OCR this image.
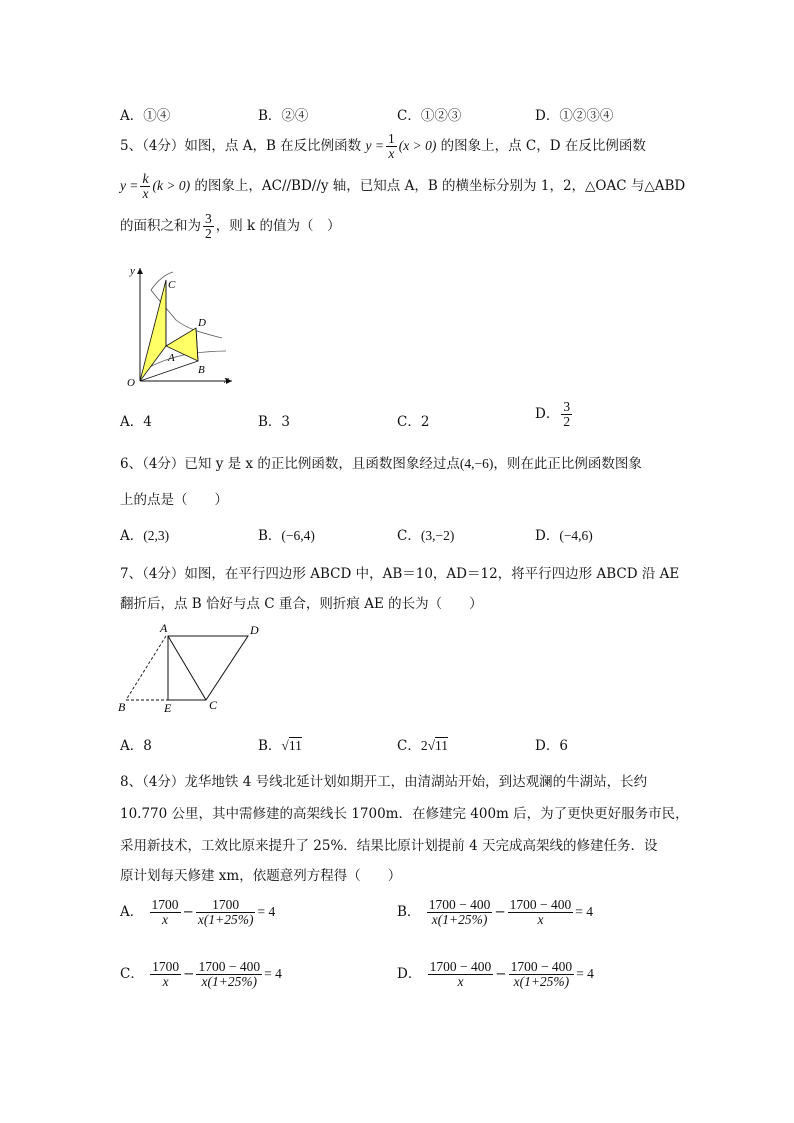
A．①④	B．②④	C．①②③	D．①②③④
5、（4分）如图，点 A，B 在反比例函数 $y = \frac{1}{x} (x > 0)$ 的图象上，点 C，D 在反比例函数
$y = \frac{k}{x} (k > 0)$ 的图象上，AC//BD//y 轴，已知点 A，B 的横坐标分别为 1，2，△OAC 与△ABD
的面积之和为 $\frac{3}{2}$ ，则 k 的值为（　）
y
x
O
C
D
A
B
A．4	B．3	C．2	D． $\frac{3}{2}$
6、（4分）已知 y 是 x 的正比例函数，且函数图象经过点(4,−6)，则在此正比例函数图象
上的点是（　　）
A．(2,3)	B．(−6,4)	C．(3,−2)	D．(−4,6)
7、（4分）如图，在平行四边形 ABCD 中，AB＝10，AD＝12，将平行四边形 ABCD 沿 AE
翻折后，点 B 恰好与点 C 重合，则折痕 AE 的长为（　　）
A	D
B	E	C
A．8	B．√11	C．2√11	D．6
8、（4分）龙华地铁 4 号线北延计划如期开工，由清湖站开始，到达观澜的牛湖站，长约
10.770 公里，其中需修建的高架线长 1700m．在修建完 400m 后，为了更快更好服务市民，
采用新技术，工效比原来提升了 25%．结果比原计划提前 4 天完成高架线的修建任务．设
原计划每天修建 xm，依题意列方程得（　　）
A． $\frac{1700}{x} - \frac{1700}{x(1+25\%)} = 4$	B． $\frac{1700 - 400}{x(1+25\%)} - \frac{1700 - 400}{x} = 4$
C． $\frac{1700}{x} - \frac{1700 - 400}{x(1+25\%)} = 4$	D． $\frac{1700 - 400}{x} - \frac{1700 - 400}{x(1+25\%)} = 4$
